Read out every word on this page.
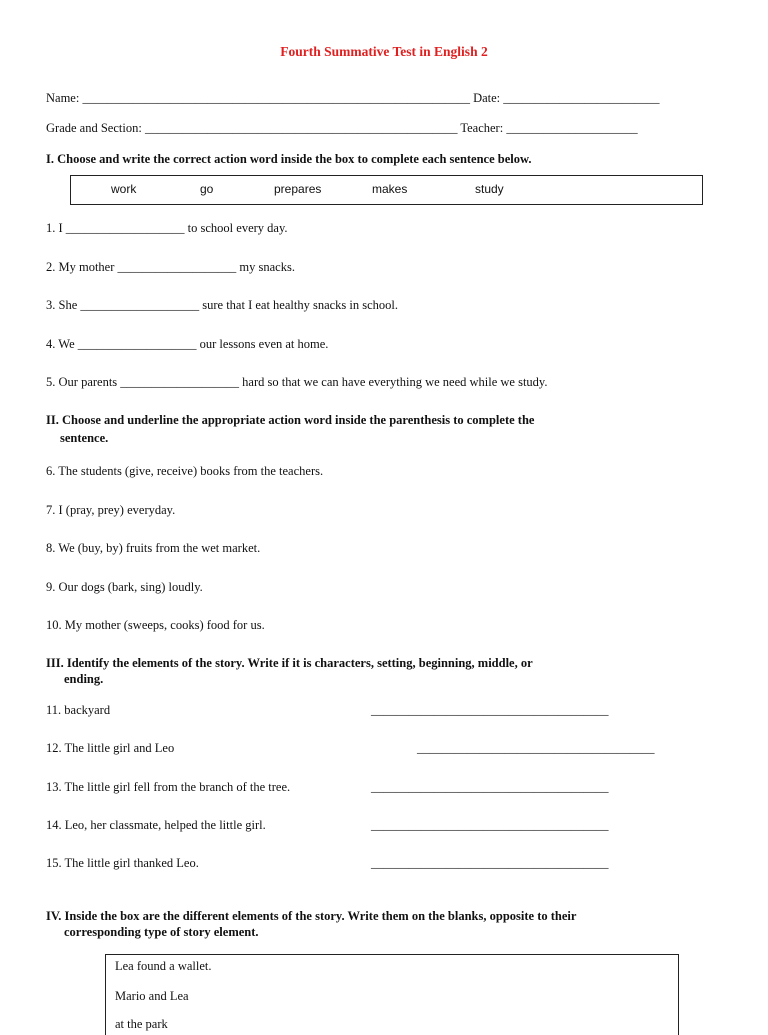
Fourth Summative Test in English 2
Name: ______________________________________________________________ Date: _________________________
Grade and Section: __________________________________________________ Teacher: _____________________
I. Choose and write the correct action word inside the box to complete each sentence below.
work	go	prepares	makes	study
1. I ___________________ to school every day.
2. My mother ___________________ my snacks.
3. She ___________________ sure that I eat healthy snacks in school.
4. We ___________________ our lessons even at home.
5. Our parents ___________________ hard so that we can have everything we need while we study.
II. Choose and underline the appropriate action word inside the parenthesis to complete the
sentence.
6. The students (give, receive) books from the teachers.
7. I (pray, prey) everyday.
8. We (buy, by) fruits from the wet market.
9. Our dogs (bark, sing) loudly.
10. My mother (sweeps, cooks) food for us.
III. Identify the elements of the story. Write if it is characters, setting, beginning, middle, or
ending.
11. backyard	______________________________________
12. The little girl and Leo	______________________________________
13. The little girl fell from the branch of the tree.	______________________________________
14. Leo, her classmate, helped the little girl.	______________________________________
15. The little girl thanked Leo.	______________________________________
IV. Inside the box are the different elements of the story. Write them on the blanks, opposite to their
corresponding type of story element.
Lea found a wallet.
Mario and Lea
at the park
